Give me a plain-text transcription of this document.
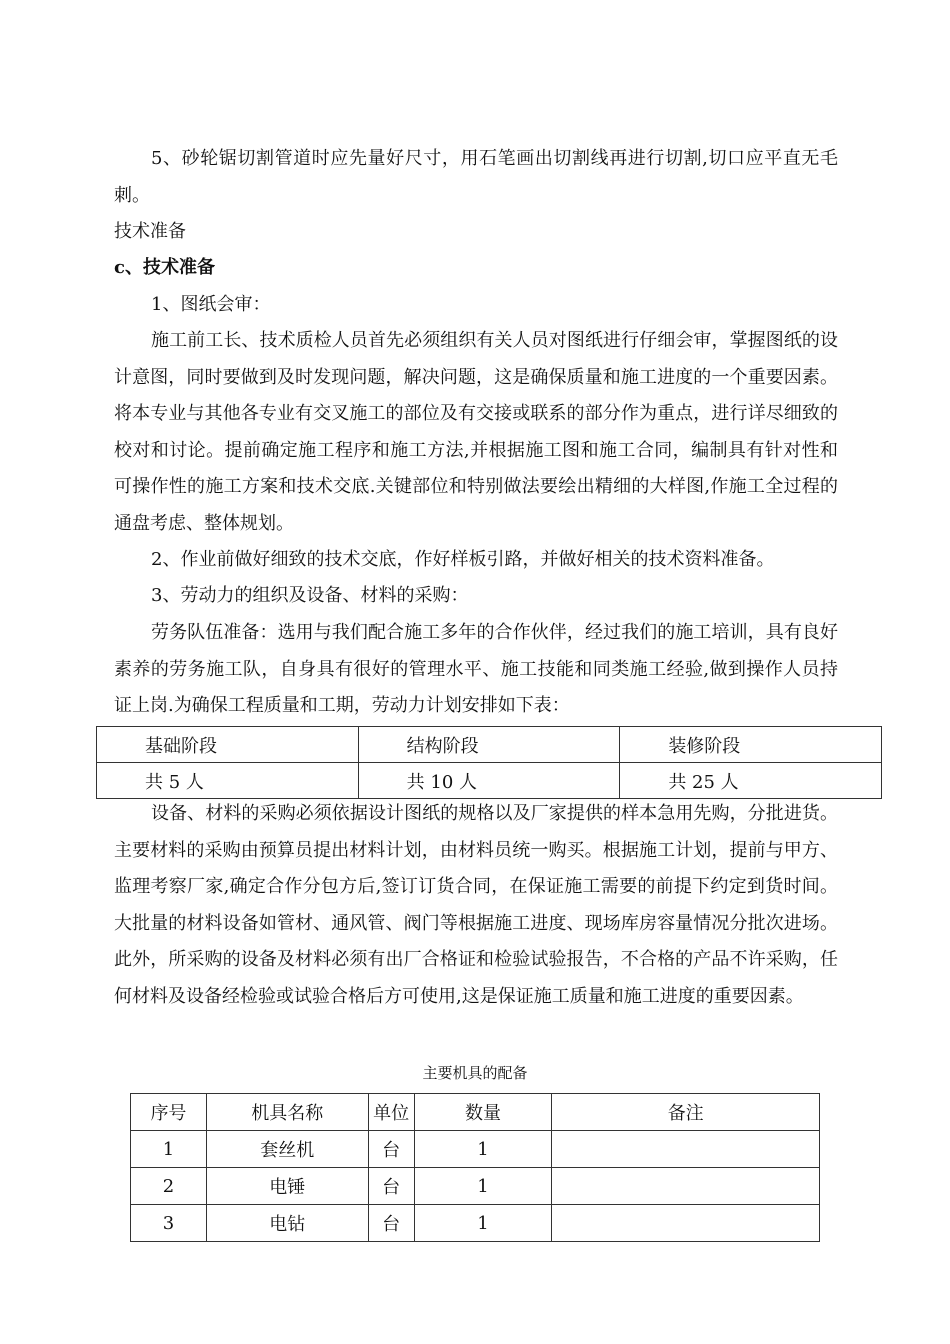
5、砂轮锯切割管道时应先量好尺寸，用石笔画出切割线再进行切割,切口应平直无毛刺。

技术准备

c、技术准备

1、图纸会审：

施工前工长、技术质检人员首先必须组织有关人员对图纸进行仔细会审，掌握图纸的设计意图，同时要做到及时发现问题，解决问题，这是确保质量和施工进度的一个重要因素。将本专业与其他各专业有交叉施工的部位及有交接或联系的部分作为重点，进行详尽细致的校对和讨论。提前确定施工程序和施工方法,并根据施工图和施工合同，编制具有针对性和可操作性的施工方案和技术交底.关键部位和特别做法要绘出精细的大样图,作施工全过程的通盘考虑、整体规划。

2、作业前做好细致的技术交底，作好样板引路，并做好相关的技术资料准备。

3、劳动力的组织及设备、材料的采购：

劳务队伍准备：选用与我们配合施工多年的合作伙伴，经过我们的施工培训，具有良好素养的劳务施工队，自身具有很好的管理水平、施工技能和同类施工经验,做到操作人员持证上岗.为确保工程质量和工期，劳动力计划安排如下表：

基础阶段	结构阶段	装修阶段
共 5 人	共 10 人	共 25 人

设备、材料的采购必须依据设计图纸的规格以及厂家提供的样本急用先购，分批进货。主要材料的采购由预算员提出材料计划，由材料员统一购买。根据施工计划，提前与甲方、监理考察厂家,确定合作分包方后,签订订货合同，在保证施工需要的前提下约定到货时间。大批量的材料设备如管材、通风管、阀门等根据施工进度、现场库房容量情况分批次进场。此外，所采购的设备及材料必须有出厂合格证和检验试验报告，不合格的产品不许采购，任何材料及设备经检验或试验合格后方可使用,这是保证施工质量和施工进度的重要因素。

主要机具的配备
序号	机具名称	单位	数量	备注
1	套丝机	台	1	
2	电锤	台	1	
3	电钻	台	1	
